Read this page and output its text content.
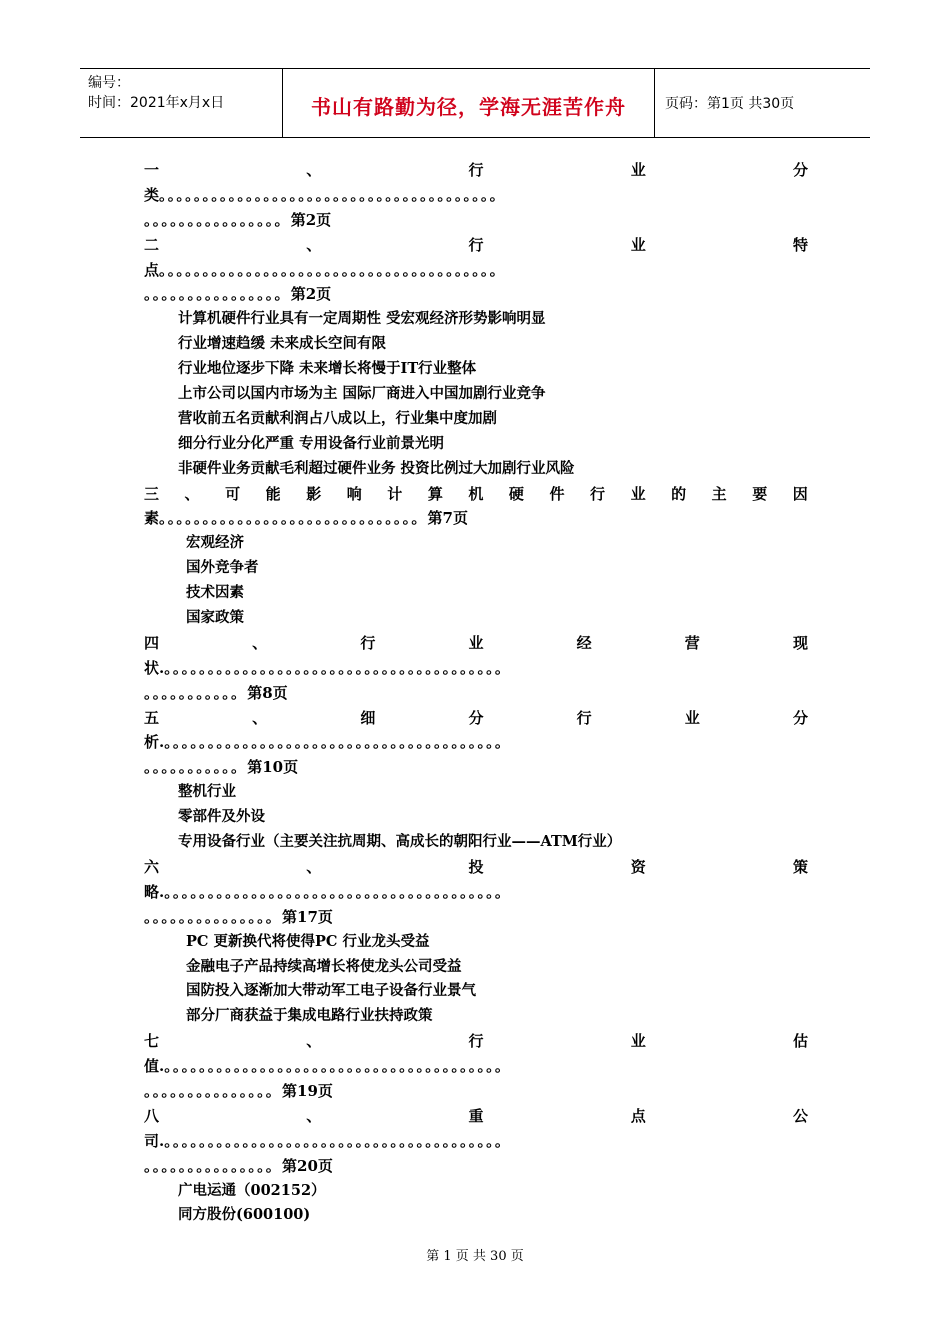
编号：
时间：2021年x月x日	书山有路勤为径，学海无涯苦作舟	页码：第1页 共30页
一	、	行	业	分
类。。。。。。。。。。。。。。。。。。。。。。。。。。。。。。。。。。。。。。。
。。。。。。。。。。。。。。。。第2页
二	、	行	业	特
点。。。。。。。。。。。。。。。。。。。。。。。。。。。。。。。。。。。。。。。
。。。。。。。。。。。。。。。。第2页
计算机硬件行业具有一定周期性 受宏观经济形势影响明显
行业增速趋缓 未来成长空间有限
行业地位逐步下降 未来增长将慢于IT行业整体
上市公司以国内市场为主 国际厂商进入中国加剧行业竞争
营收前五名贡献利润占八成以上，行业集中度加剧
细分行业分化严重 专用设备行业前景光明
非硬件业务贡献毛利超过硬件业务 投资比例过大加剧行业风险
三 、 可 能 影 响 计 算 机 硬 件 行 业 的 主 要 因
素。。。。。。。。。。。。。。。。。。。。。。。。。。。。。。第7页
宏观经济
国外竞争者
技术因素
国家政策
四	、	行	业	经	营	现
状.。。。。。。。。。。。。。。。。。。。。。。。。。。。。。。。。。。。。。。。
。。。。。。。。。。。第8页
五	、	细	分	行	业	分
析.。。。。。。。。。。。。。。。。。。。。。。。。。。。。。。。。。。。。。。。
。。。。。。。。。。。第10页
整机行业
零部件及外设
专用设备行业（主要关注抗周期、高成长的朝阳行业——ATM行业）
六	、	投	资	策
略.。。。。。。。。。。。。。。。。。。。。。。。。。。。。。。。。。。。。。。。
。。。。。。。。。。。。。。。第17页
PC 更新换代将使得PC 行业龙头受益
金融电子产品持续高增长将使龙头公司受益
国防投入逐渐加大带动军工电子设备行业景气
部分厂商获益于集成电路行业扶持政策
七	、	行	业	估
值.。。。。。。。。。。。。。。。。。。。。。。。。。。。。。。。。。。。。。。。
。。。。。。。。。。。。。。。第19页
八	、	重	点	公
司.。。。。。。。。。。。。。。。。。。。。。。。。。。。。。。。。。。。。。。。
。。。。。。。。。。。。。。。第20页
广电运通（002152）
同方股份(600100)
第 1 页 共 30 页
